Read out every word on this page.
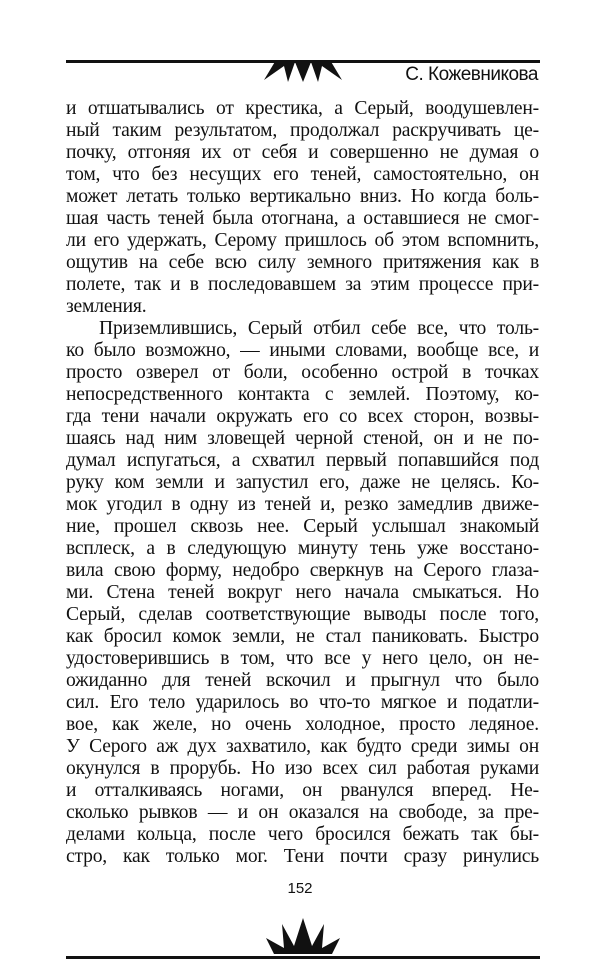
С. Кожевникова
и отшатывались от крестика, а Серый, воодушевлен-
ный таким результатом, продолжал раскручивать це-
почку, отгоняя их от себя и совершенно не думая о
том, что без несущих его теней, самостоятельно, он
может летать только вертикально вниз. Но когда боль-
шая часть теней была отогнана, а оставшиеся не смог-
ли его удержать, Серому пришлось об этом вспомнить,
ощутив на себе всю силу земного притяжения как в
полете, так и в последовавшем за этим процессе при-
земления.
Приземлившись, Серый отбил себе все, что толь-
ко было возможно, — иными словами, вообще все, и
просто озверел от боли, особенно острой в точках
непосредственного контакта с землей. Поэтому, ко-
гда тени начали окружать его со всех сторон, возвы-
шаясь над ним зловещей черной стеной, он и не по-
думал испугаться, а схватил первый попавшийся под
руку ком земли и запустил его, даже не целясь. Ко-
мок угодил в одну из теней и, резко замедлив движе-
ние, прошел сквозь нее. Серый услышал знакомый
всплеск, а в следующую минуту тень уже восстано-
вила свою форму, недобро сверкнув на Серого глаза-
ми. Стена теней вокруг него начала смыкаться. Но
Серый, сделав соответствующие выводы после того,
как бросил комок земли, не стал паниковать. Быстро
удостоверившись в том, что все у него цело, он не-
ожиданно для теней вскочил и прыгнул что было
сил. Его тело ударилось во что-то мягкое и податли-
вое, как желе, но очень холодное, просто ледяное.
У Серого аж дух захватило, как будто среди зимы он
окунулся в прорубь. Но изо всех сил работая руками
и отталкиваясь ногами, он рванулся вперед. Не-
сколько рывков — и он оказался на свободе, за пре-
делами кольца, после чего бросился бежать так бы-
стро, как только мог. Тени почти сразу ринулись
152
